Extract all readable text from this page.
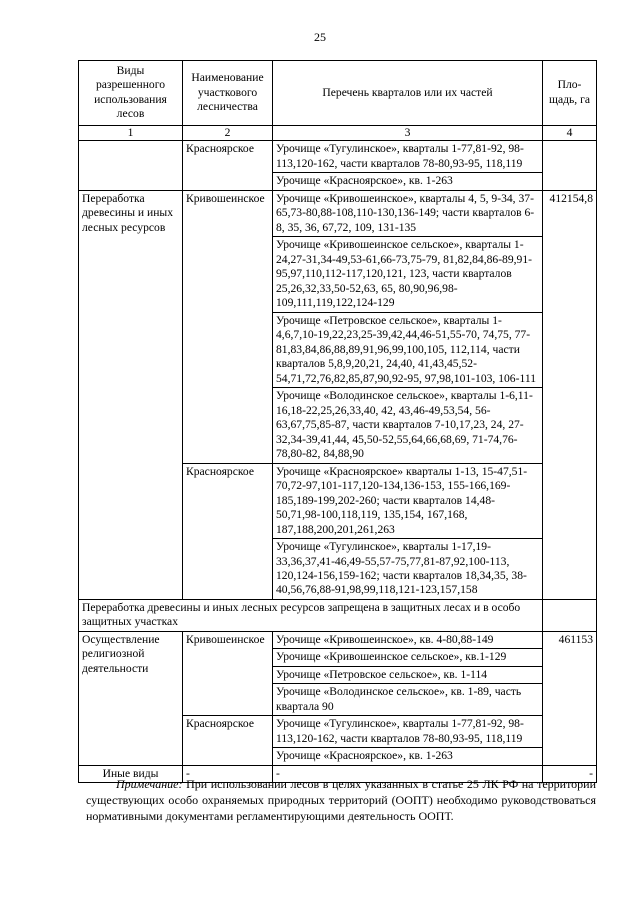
25
Виды разрешенного использования лесов	Наименование участкового лесничества	Перечень кварталов или их частей	Пло-щадь, га
1	2	3	4
	Красноярское	Урочище «Тугулинское», кварталы 1-77,81-92, 98-113,120-162, части кварталов 78-80,93-95, 118,119	
		Урочище «Красноярское», кв. 1-263	
Переработка древесины и иных лесных ресурсов	Кривошеинское	Урочище «Кривошеинское», кварталы 4, 5, 9-34, 37-65,73-80,88-108,110-130,136-149; части кварталов 6-8, 35, 36, 67,72, 109, 131-135	412154,8
		Урочище «Кривошеинское сельское», кварталы 1-24,27-31,34-49,53-61,66-73,75-79, 81,82,84,86-89,91-95,97,110,112-117,120,121, 123, части кварталов 25,26,32,33,50-52,63, 65, 80,90,96,98-109,111,119,122,124-129	
		Урочище «Петровское сельское», кварталы 1-4,6,7,10-19,22,23,25-39,42,44,46-51,55-70, 74,75, 77-81,83,84,86,88,89,91,96,99,100,105, 112,114, части кварталов 5,8,9,20,21, 24,40, 41,43,45,52-54,71,72,76,82,85,87,90,92-95, 97,98,101-103, 106-111	
		Урочище «Володинское сельское», кварталы 1-6,11-16,18-22,25,26,33,40, 42, 43,46-49,53,54, 56-63,67,75,85-87, части кварталов 7-10,17,23, 24, 27-32,34-39,41,44, 45,50-52,55,64,66,68,69, 71-74,76-78,80-82, 84,88,90	
	Красноярское	Урочище «Красноярское» кварталы 1-13, 15-47,51-70,72-97,101-117,120-134,136-153, 155-166,169-185,189-199,202-260; части кварталов 14,48-50,71,98-100,118,119, 135,154, 167,168, 187,188,200,201,261,263	
		Урочище «Тугулинское», кварталы 1-17,19-33,36,37,41-46,49-55,57-75,77,81-87,92,100-113, 120,124-156,159-162; части кварталов 18,34,35, 38-40,56,76,88-91,98,99,118,121-123,157,158	
Переработка древесины и иных лесных ресурсов запрещена в защитных лесах и в особо защитных участках			
Осуществление религиозной деятельности	Кривошеинское	Урочище «Кривошеинское», кв. 4-80,88-149	461153
		Урочище «Кривошеинское сельское», кв.1-129	
		Урочище «Петровское сельское», кв. 1-114	
		Урочище «Володинское сельское», кв. 1-89, часть квартала 90	
	Красноярское	Урочище «Тугулинское», кварталы 1-77,81-92, 98-113,120-162, части кварталов 78-80,93-95, 118,119	
		Урочище «Красноярское», кв. 1-263	
Иные виды	-	-	-

Примечание: При использовании лесов в целях указанных в статье 25 ЛК РФ на территории существующих особо охраняемых природных территорий (ООПТ) необходимо руководствоваться нормативными документами регламентирующими деятельность ООПТ.
